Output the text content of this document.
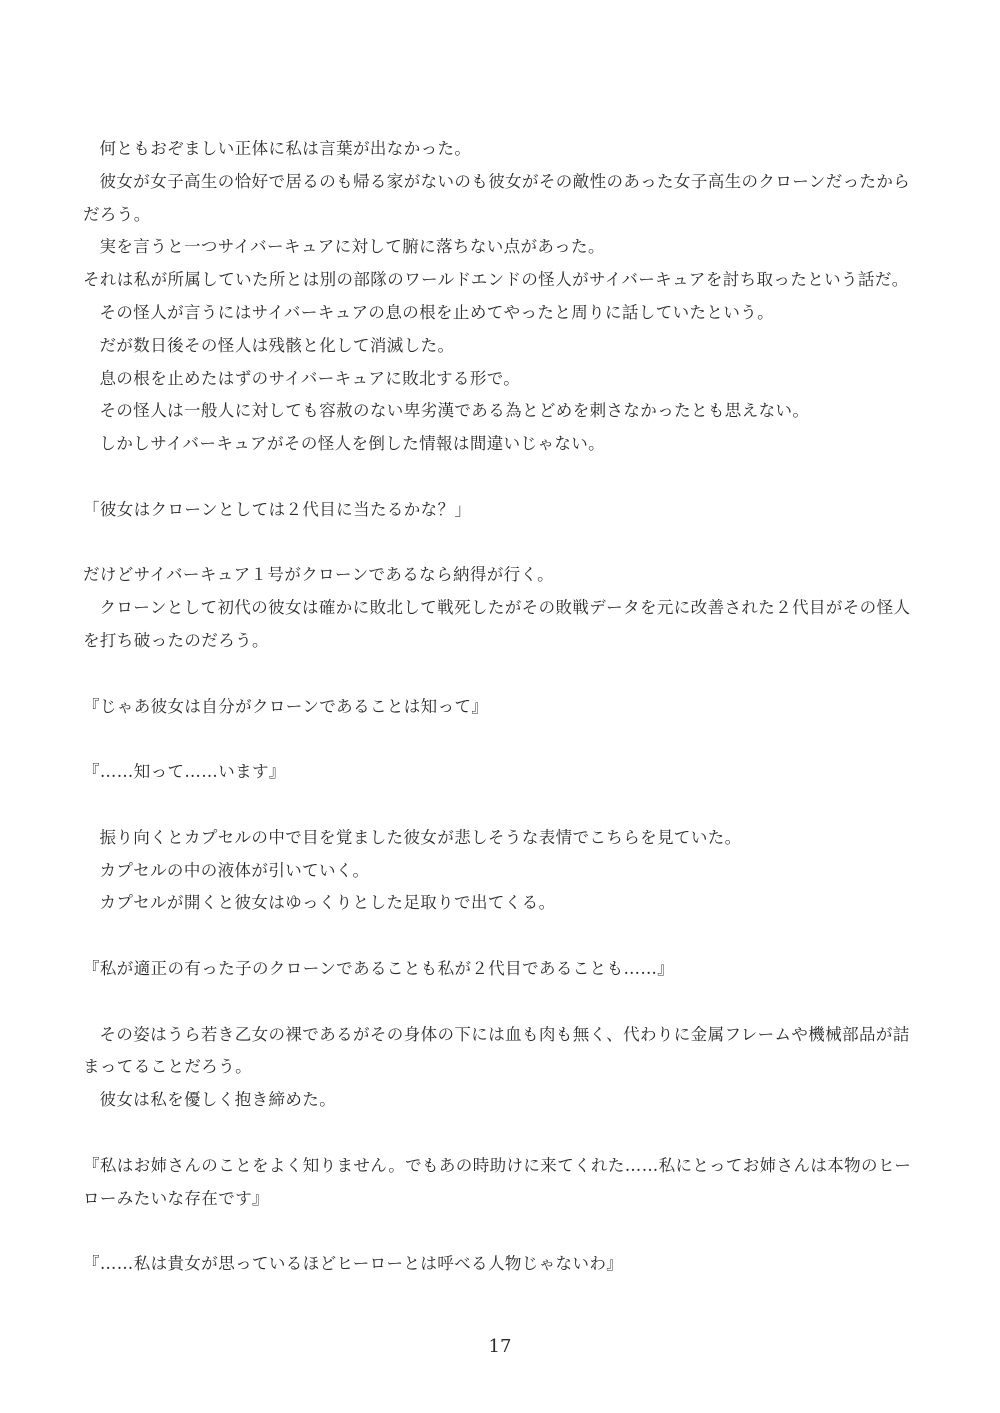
何ともおぞましい正体に私は言葉が出なかった。

彼女が女子高生の恰好で居るのも帰る家がないのも彼女がその敵性のあった女子高生のクローンだったからだろう。

実を言うと一つサイバーキュアに対して腑に落ちない点があった。

それは私が所属していた所とは別の部隊のワールドエンドの怪人がサイバーキュアを討ち取ったという話だ。

その怪人が言うにはサイバーキュアの息の根を止めてやったと周りに話していたという。

だが数日後その怪人は残骸と化して消滅した。

息の根を止めたはずのサイバーキュアに敗北する形で。

その怪人は一般人に対しても容赦のない卑劣漢である為とどめを刺さなかったとも思えない。

しかしサイバーキュアがその怪人を倒した情報は間違いじゃない。

「彼女はクローンとしては２代目に当たるかな？」

だけどサイバーキュア１号がクローンであるなら納得が行く。

クローンとして初代の彼女は確かに敗北して戦死したがその敗戦データを元に改善された２代目がその怪人を打ち破ったのだろう。

『じゃあ彼女は自分がクローンであることは知って』

『……知って……います』

振り向くとカプセルの中で目を覚ました彼女が悲しそうな表情でこちらを見ていた。

カプセルの中の液体が引いていく。

カプセルが開くと彼女はゆっくりとした足取りで出てくる。

『私が適正の有った子のクローンであることも私が２代目であることも……』

その姿はうら若き乙女の裸であるがその身体の下には血も肉も無く、代わりに金属フレームや機械部品が詰まってることだろう。

彼女は私を優しく抱き締めた。

『私はお姉さんのことをよく知りません。でもあの時助けに来てくれた……私にとってお姉さんは本物のヒーローみたいな存在です』

『……私は貴女が思っているほどヒーローとは呼べる人物じゃないわ』

17
